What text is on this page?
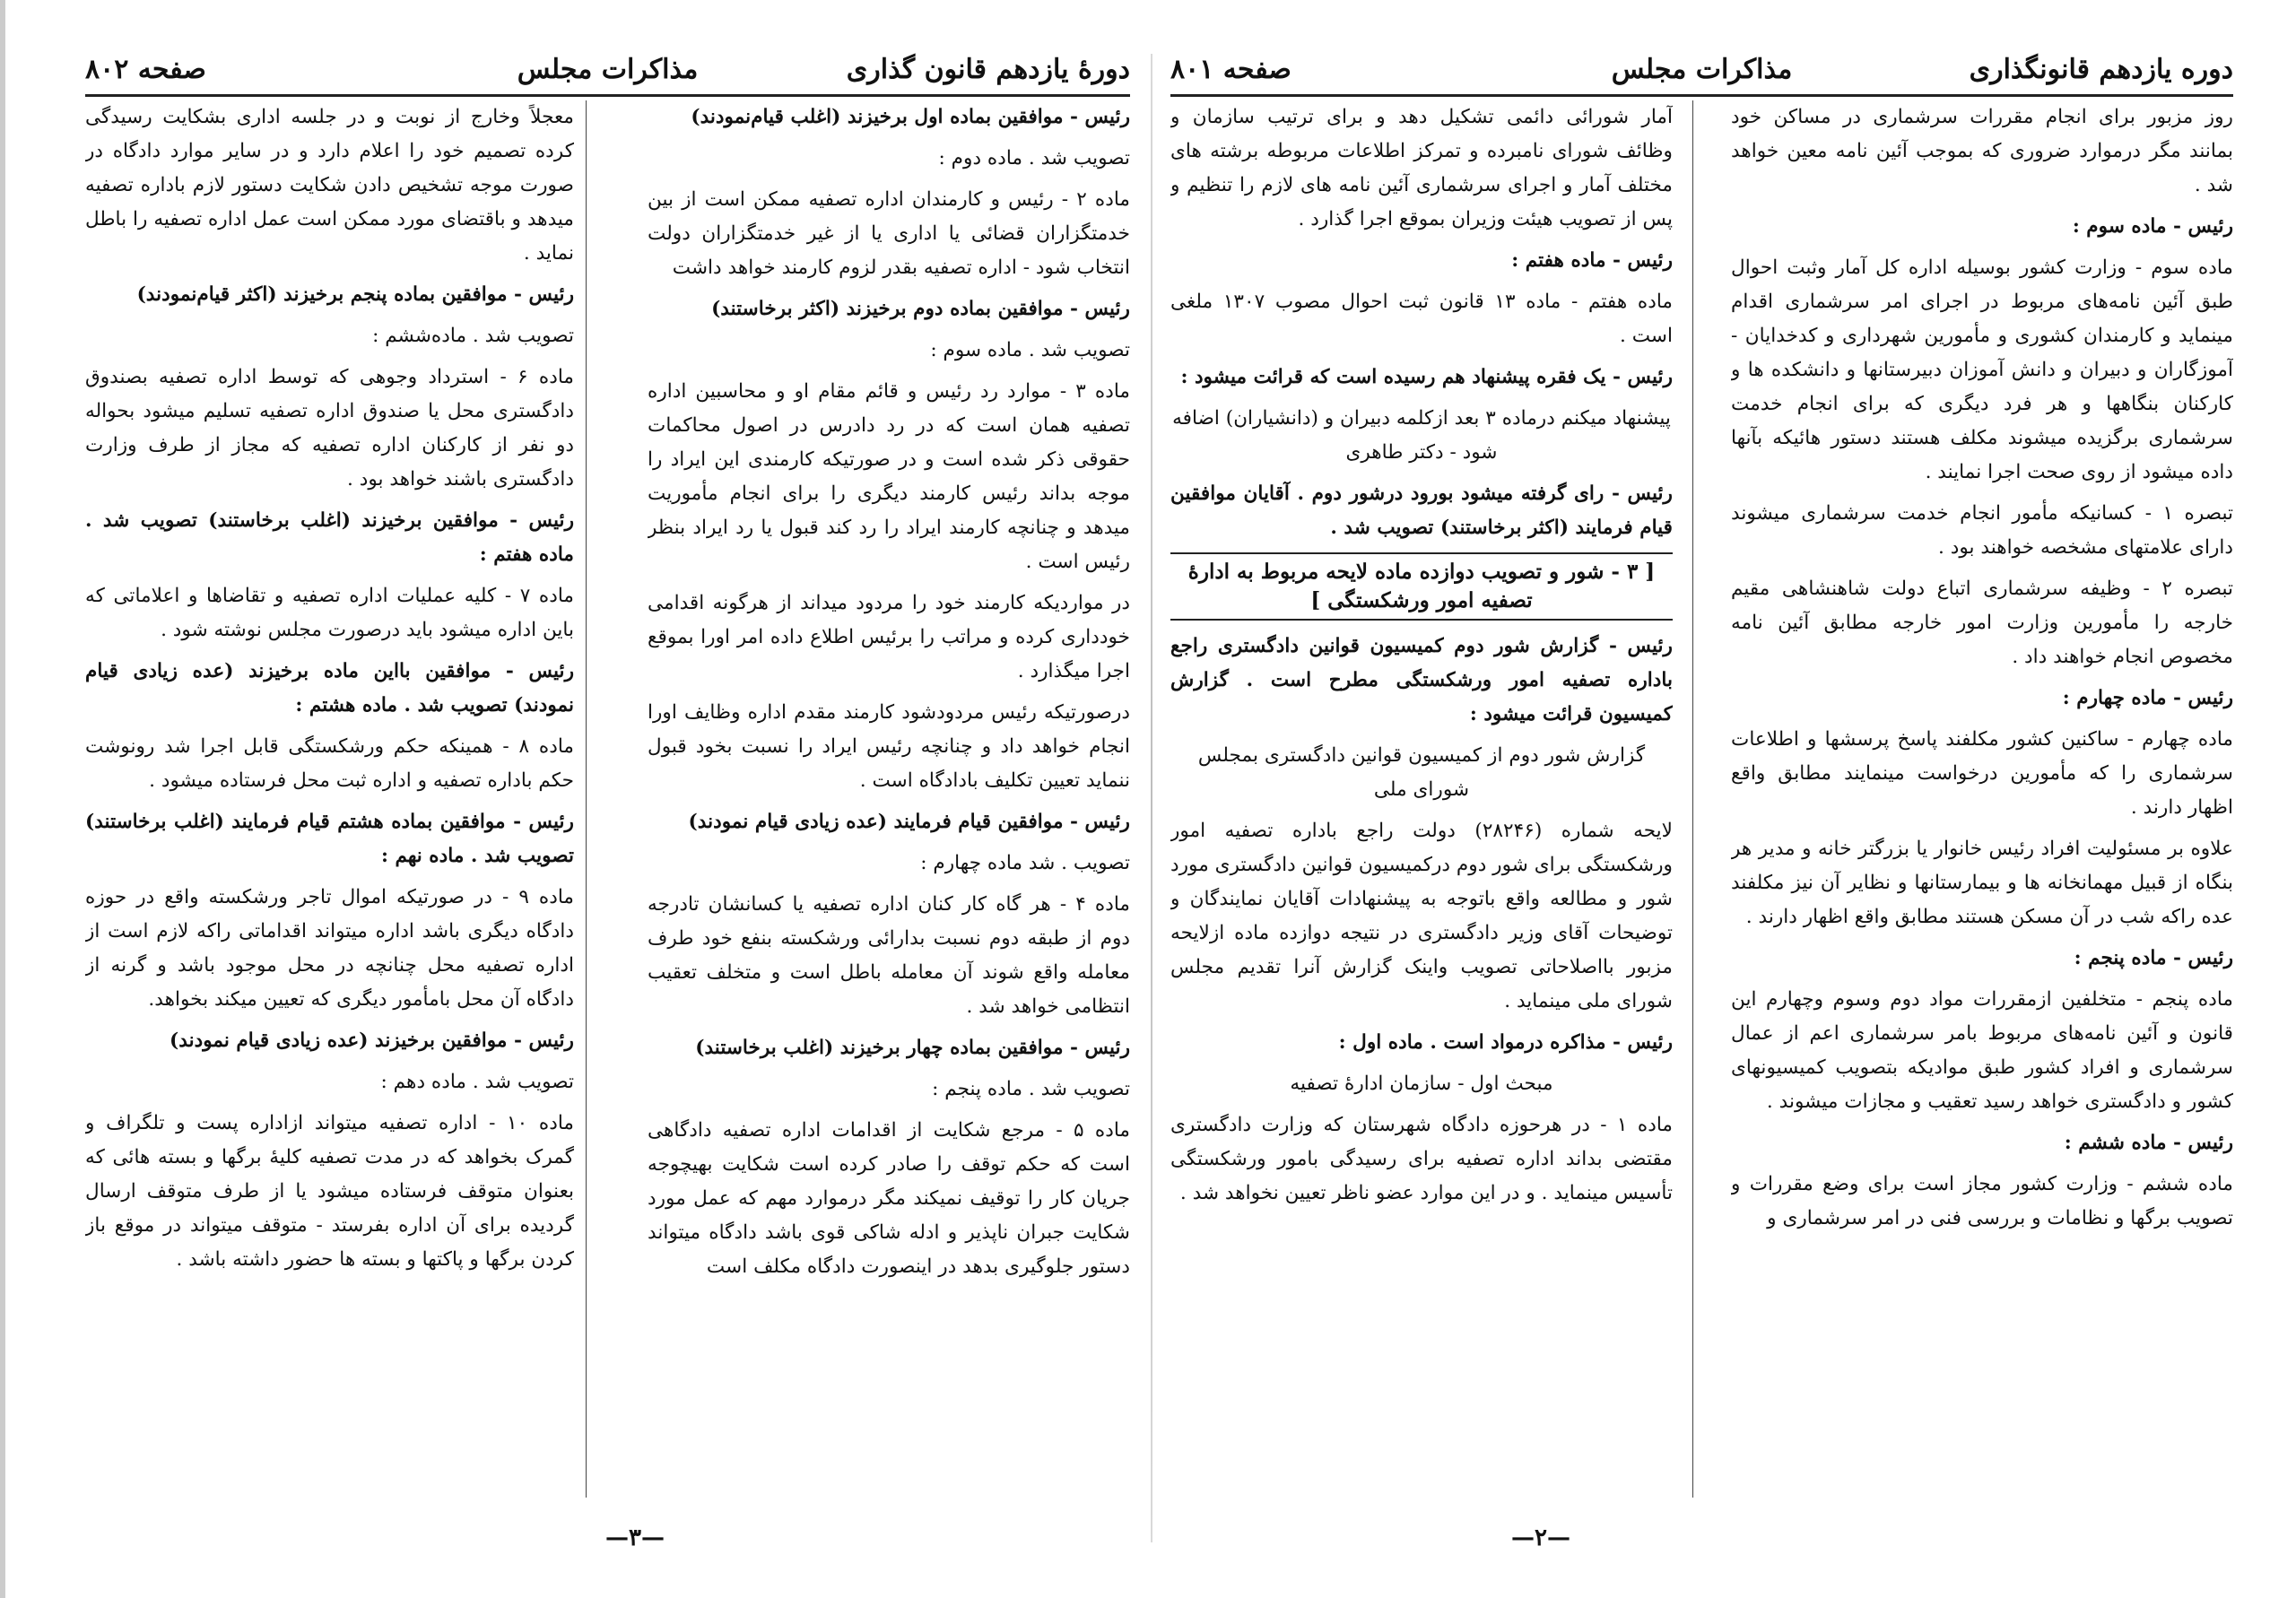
دورهٔ یازدهم قانون گذاری
مذاکرات مجلس
صفحه ۸۰۲
رئیس - موافقین بماده اول برخیزند (اغلب قیام‌نمودند)
تصویب شد . ماده دوم :
ماده ۲ - رئیس و کارمندان اداره تصفیه ممکن است از بین خدمتگزاران قضائی یا اداری یا از غیر خدمتگزاران دولت انتخاب شود - اداره تصفیه بقدر لزوم کارمند خواهد داشت
رئیس - موافقین بماده دوم برخیزند (اکثر برخاستند)
تصویب شد . ماده سوم :
ماده ۳ - موارد رد رئیس و قائم مقام او و محاسبین اداره تصفیه همان است که در رد دادرس در اصول محاکمات حقوقی ذکر شده است و در صورتیکه کارمندی این ایراد را موجه بداند رئیس کارمند دیگری را برای انجام مأموریت میدهد و چنانچه کارمند ایراد را رد کند قبول یا رد ایراد بنظر رئیس است .
در مواردیکه کارمند خود را مردود میداند از هرگونه اقدامی خودداری کرده و مراتب را برئیس اطلاع داده امر اورا بموقع اجرا میگذارد .
درصورتیکه رئیس مردودشود کارمند مقدم اداره وظایف اورا انجام خواهد داد و چنانچه رئیس ایراد را نسبت بخود قبول ننماید تعیین تکلیف بادادگاه است .
رئیس - موافقین قیام فرمایند (عده زیادی قیام نمودند)
تصویب . شد ماده چهارم :
ماده ۴ - هر گاه کار کنان اداره تصفیه یا کسانشان تادرجه دوم از طبقه دوم نسبت بدارائی ورشکسته بنفع خود طرف معامله واقع شوند آن معامله باطل است و متخلف تعقیب انتظامی خواهد شد .
رئیس - موافقین بماده چهار برخیزند (اغلب برخاستند)
تصویب شد . ماده پنجم :
ماده ۵ - مرجع شکایت از اقدامات اداره تصفیه دادگاهی است که حکم توقف را صادر کرده است شکایت بهیچوجه جریان کار را توقیف نمیکند مگر درموارد مهم که عمل مورد شکایت جبران ناپذیر و ادله شاکی قوی باشد دادگاه میتواند دستور جلوگیری بدهد در اینصورت دادگاه مکلف است
معجلاً وخارج از نوبت و در جلسه اداری بشکایت رسیدگی کرده تصمیم خود را اعلام دارد و در سایر موارد دادگاه در صورت موجه تشخیص دادن شکایت دستور لازم باداره تصفیه میدهد و باقتضای مورد ممکن است عمل اداره تصفیه را باطل نماید .
رئیس - موافقین بماده پنجم برخیزند (اکثر قیام‌نمودند)
تصویب شد . ماده‌ششم :
ماده ۶ - استرداد وجوهی که توسط اداره تصفیه بصندوق دادگستری محل یا صندوق اداره تصفیه تسلیم میشود بحواله دو نفر از کارکنان اداره تصفیه که مجاز از طرف وزارت دادگستری باشند خواهد بود .
رئیس - موافقین برخیزند (اغلب برخاستند) تصویب شد . ماده هفتم :
ماده ۷ - کلیه عملیات اداره تصفیه و تقاضاها و اعلاماتی که باین اداره میشود باید درصورت مجلس نوشته شود .
رئیس - موافقین بااین ماده برخیزند (عده زیادی قیام نمودند) تصویب شد . ماده هشتم :
ماده ۸ - همینکه حکم ورشکستگی قابل اجرا شد رونوشت حکم باداره تصفیه و اداره ثبت محل فرستاده میشود .
رئیس - موافقین بماده هشتم قیام فرمایند (اغلب برخاستند) تصویب شد . ماده نهم :
ماده ۹ - در صورتیکه اموال تاجر ورشکسته واقع در حوزه دادگاه دیگری باشد اداره میتواند اقداماتی راکه لازم است از اداره تصفیه محل چنانچه در محل موجود باشد و گرنه از دادگاه آن محل بامأمور دیگری که تعیین میکند بخواهد.
رئیس - موافقین برخیزند (عده زیادی قیام نمودند)
تصویب شد . ماده دهم :
ماده ۱۰ - اداره تصفیه میتواند ازاداره پست و تلگراف و گمرک بخواهد که در مدت تصفیه کلیهٔ برگها و بسته هائی که بعنوان متوقف فرستاده میشود یا از طرف متوقف ارسال گردیده برای آن اداره بفرستد - متوقف میتواند در موقع باز کردن برگها و پاکتها و بسته ها حضور داشته باشد .
—۳—
دوره یازدهم قانونگذاری
مذاکرات مجلس
صفحه ۸۰۱
روز مزبور برای انجام مقررات سرشماری در مساکن خود بمانند مگر درموارد ضروری که بموجب آئین نامه معین خواهد شد .
رئیس - ماده سوم :
ماده سوم - وزارت کشور بوسیله اداره کل آمار وثبت احوال طبق آئین نامه‌های مربوط در اجرای امر سرشماری اقدام مینماید و کارمندان کشوری و مأمورین شهرداری و کدخدایان - آموزگاران و دبیران و دانش آموزان دبیرستانها و دانشکده ها و کارکنان بنگاهها و هر فرد دیگری که برای انجام خدمت سرشماری برگزیده میشوند مکلف هستند دستور هائیکه بآنها داده میشود از روی صحت اجرا نمایند .
تبصره ۱ - کسانیکه مأمور انجام خدمت سرشماری میشوند دارای علامتهای مشخصه خواهند بود .
تبصره ۲ - وظیفه سرشماری اتباع دولت شاهنشاهی مقیم خارجه را مأمورین وزارت امور خارجه مطابق آئین نامه مخصوص انجام خواهند داد .
رئیس - ماده چهارم :
ماده چهارم - ساکنین کشور مکلفند پاسخ پرسشها و اطلاعات سرشماری را که مأمورین درخواست مینمایند مطابق واقع اظهار دارند .
علاوه بر مسئولیت افراد رئیس خانوار یا بزرگتر خانه و مدیر هر بنگاه از قبیل مهمانخانه ها و بیمارستانها و نظایر آن نیز مکلفند عده راکه شب در آن مسکن هستند مطابق واقع اظهار دارند .
رئیس - ماده پنجم :
ماده پنجم - متخلفین ازمقررات مواد دوم وسوم وچهارم این قانون و آئین نامه‌های مربوط بامر سرشماری اعم از عمال سرشماری و افراد کشور طبق موادیکه بتصویب کمیسیونهای کشور و دادگستری خواهد رسید تعقیب و مجازات میشوند .
رئیس - ماده ششم :
ماده ششم - وزارت کشور مجاز است برای وضع مقررات و تصویب برگها و نظامات و بررسی فنی در امر سرشماری و
آمار شورائی دائمی تشکیل دهد و برای ترتیب سازمان و وظائف شورای نامبرده و تمرکز اطلاعات مربوطه برشته های مختلف آمار و اجرای سرشماری آئین نامه های لازم را تنظیم و پس از تصویب هیئت وزیران بموقع اجرا گذارد .
رئیس - ماده هفتم :
ماده هفتم - ماده ۱۳ قانون ثبت احوال مصوب ۱۳۰۷ ملغی است .
رئیس - یک فقره پیشنهاد هم رسیده است که قرائت میشود :
پیشنهاد میکنم درماده ۳ بعد ازکلمه دبیران و (دانشیاران) اضافه شود - دکتر طاهری
رئیس - رای گرفته میشود بورود درشور دوم . آقایان موافقین قیام فرمایند (اکثر برخاستند) تصویب شد .
[ ۳ - شور و تصویب دوازده ماده لایحه مربوط به ادارهٔ تصفیه امور ورشکستگی ]
رئیس - گزارش شور دوم کمیسیون قوانین دادگستری راجع باداره تصفیه امور ورشکستگی مطرح است . گزارش کمیسیون قرائت میشود :
گزارش شور دوم از کمیسیون قوانین دادگستری بمجلس شورای ملی
لایحه شماره (۲۸۲۴۶) دولت راجع باداره تصفیه امور ورشکستگی برای شور دوم درکمیسیون قوانین دادگستری مورد شور و مطالعه واقع باتوجه به پیشنهادات آقایان نمایندگان و توضیحات آقای وزیر دادگستری در نتیجه دوازده ماده ازلایحه مزبور بااصلاحاتی تصویب واینک گزارش آنرا تقدیم مجلس شورای ملی مینماید .
رئیس - مذاکره درمواد است . ماده اول :
مبحث اول - سازمان ادارهٔ تصفیه
ماده ۱ - در هرحوزه دادگاه شهرستان که وزارت دادگستری مقتضی بداند اداره تصفیه برای رسیدگی بامور ورشکستگی تأسیس مینماید . و در این موارد عضو ناظر تعیین نخواهد شد .
—۲—
